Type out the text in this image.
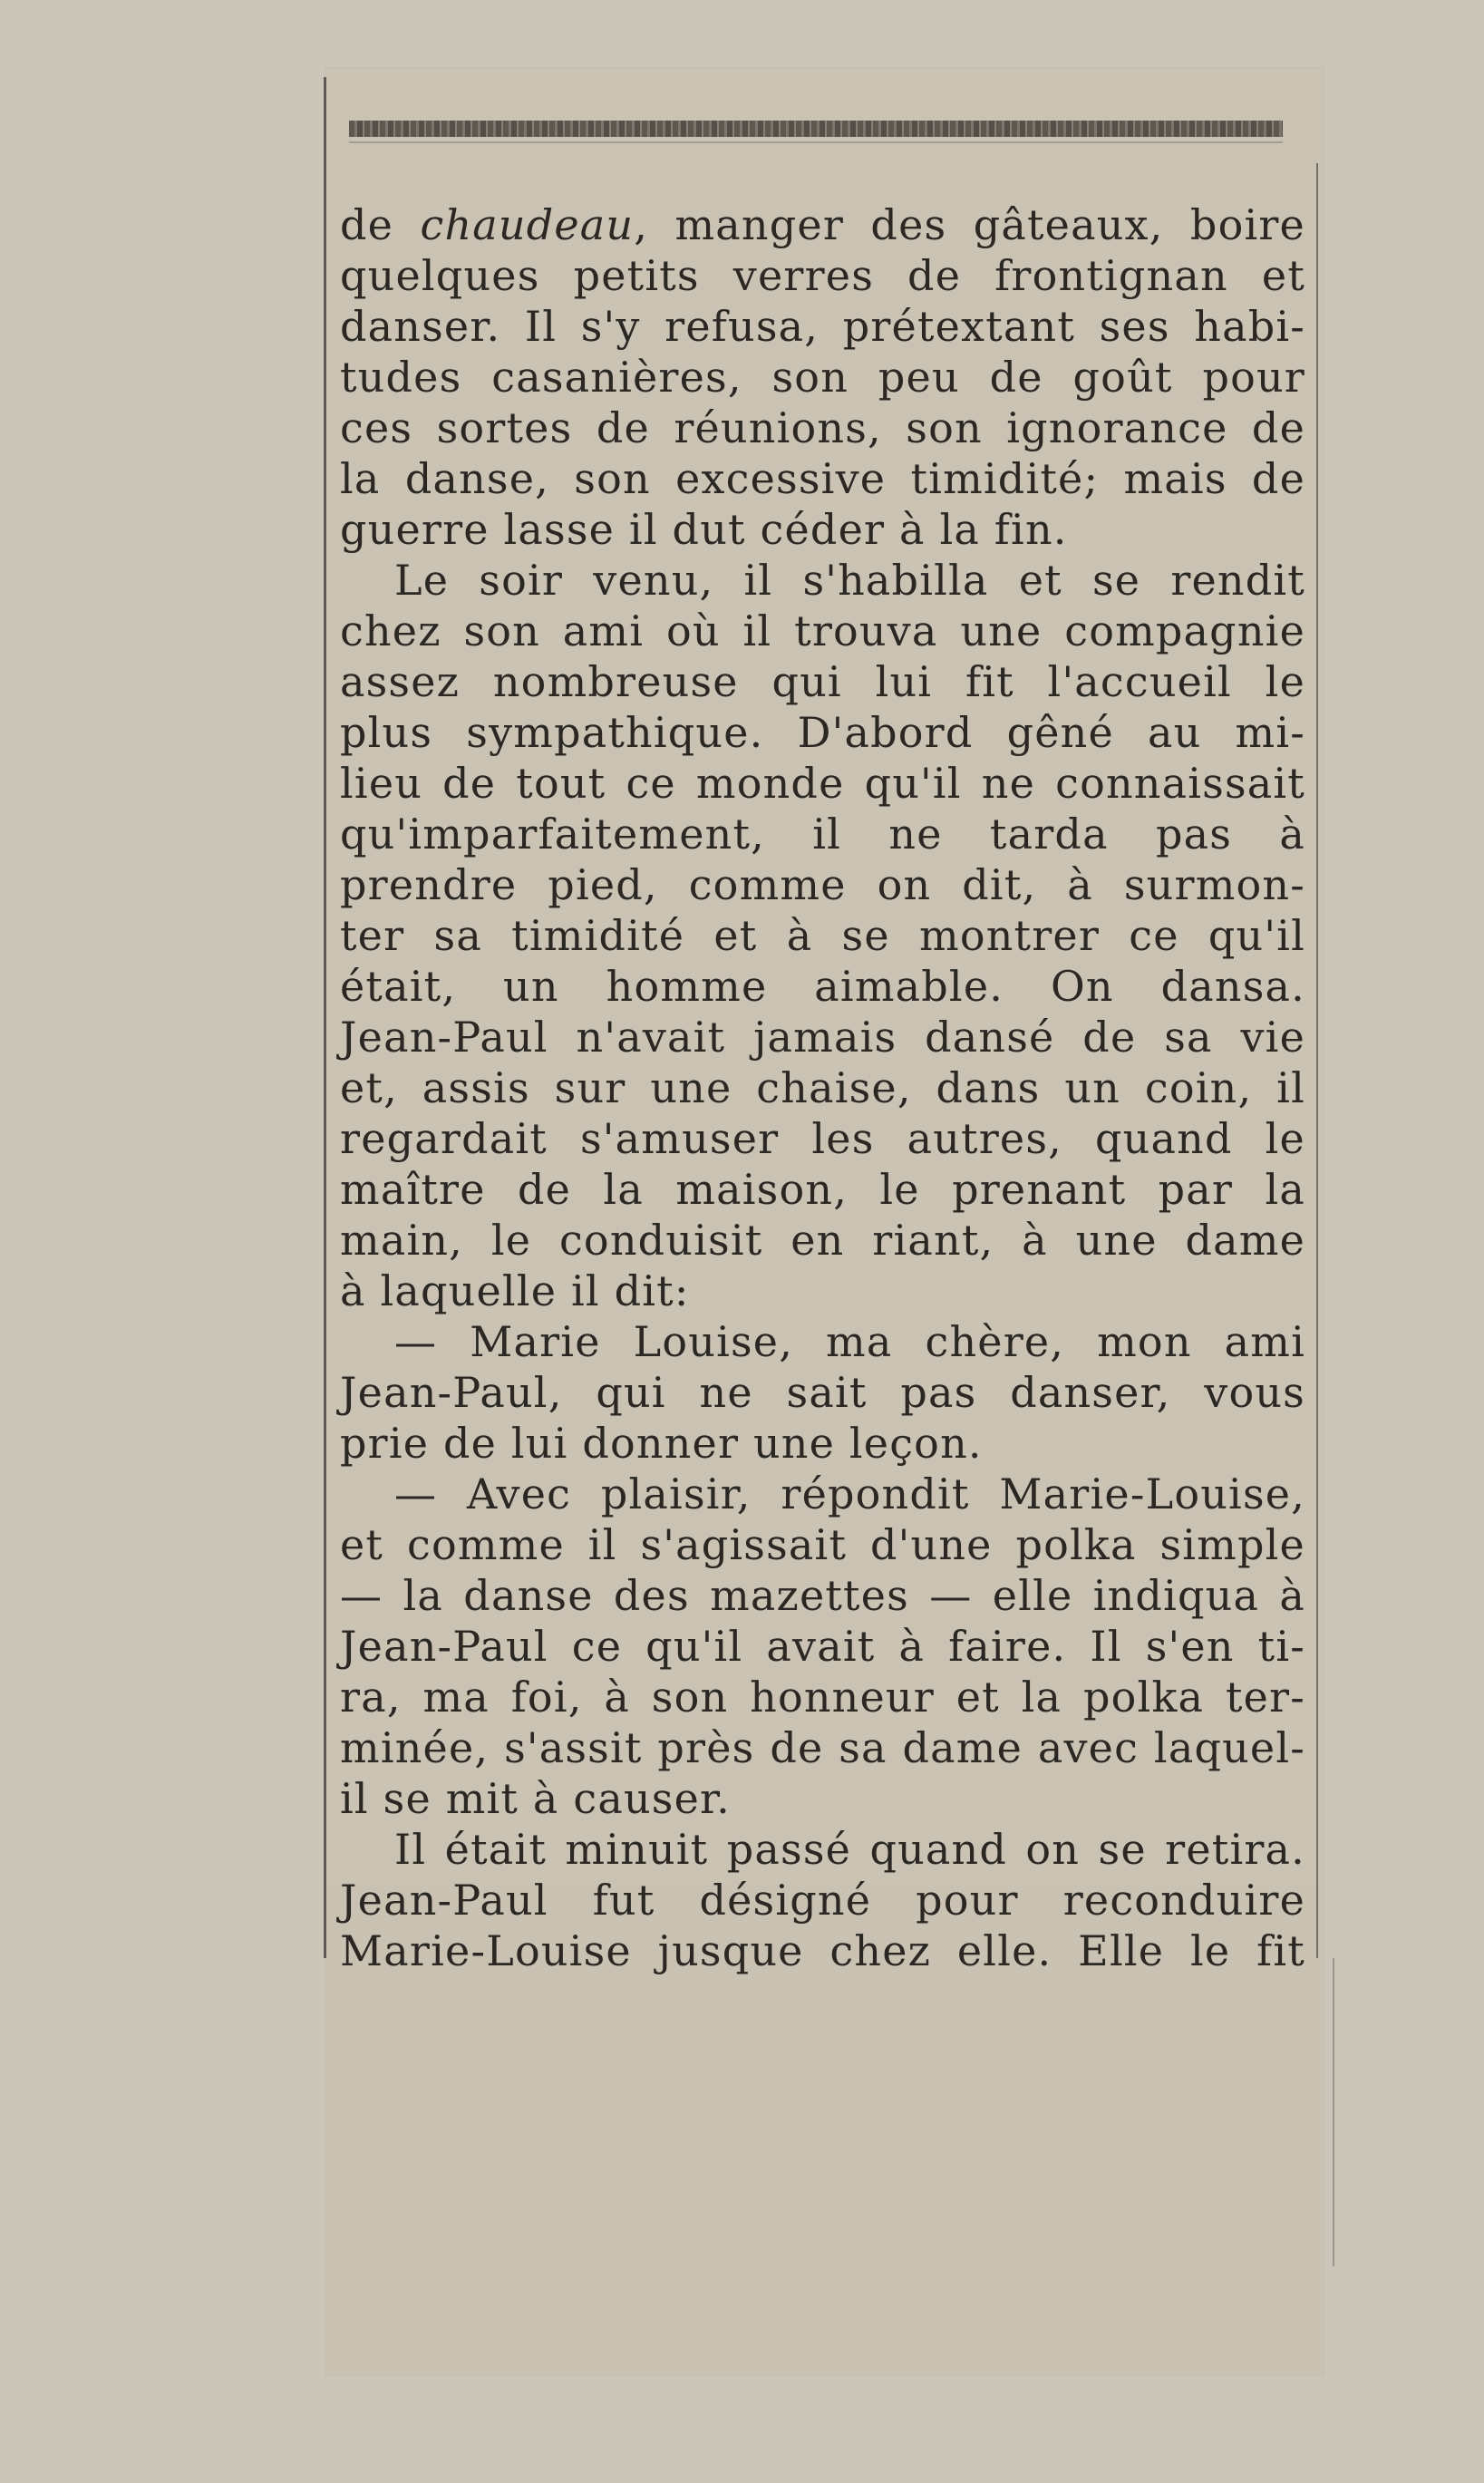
de chaudeau, manger des gâteaux, boire
quelques petits verres de frontignan et
danser. Il s'y refusa, prétextant ses habi-
tudes casanières, son peu de goût pour
ces sortes de réunions, son ignorance de
la danse, son excessive timidité; mais de
guerre lasse il dut céder à la fin.
Le soir venu, il s'habilla et se rendit
chez son ami où il trouva une compagnie
assez nombreuse qui lui fit l'accueil le
plus sympathique. D'abord gêné au mi-
lieu de tout ce monde qu'il ne connaissait
qu'imparfaitement, il ne tarda pas à
prendre pied, comme on dit, à surmon-
ter sa timidité et à se montrer ce qu'il
était, un homme aimable. On dansa.
Jean-Paul n'avait jamais dansé de sa vie
et, assis sur une chaise, dans un coin, il
regardait s'amuser les autres, quand le
maître de la maison, le prenant par la
main, le conduisit en riant, à une dame
à laquelle il dit:
— Marie Louise, ma chère, mon ami
Jean-Paul, qui ne sait pas danser, vous
prie de lui donner une leçon.
— Avec plaisir, répondit Marie-Louise,
et comme il s'agissait d'une polka simple
— la danse des mazettes — elle indiqua à
Jean-Paul ce qu'il avait à faire. Il s'en ti-
ra, ma foi, à son honneur et la polka ter-
minée, s'assit près de sa dame avec laquel-
il se mit à causer.
Il était minuit passé quand on se retira.
Jean-Paul fut désigné pour reconduire
Marie-Louise jusque chez elle. Elle le fit
